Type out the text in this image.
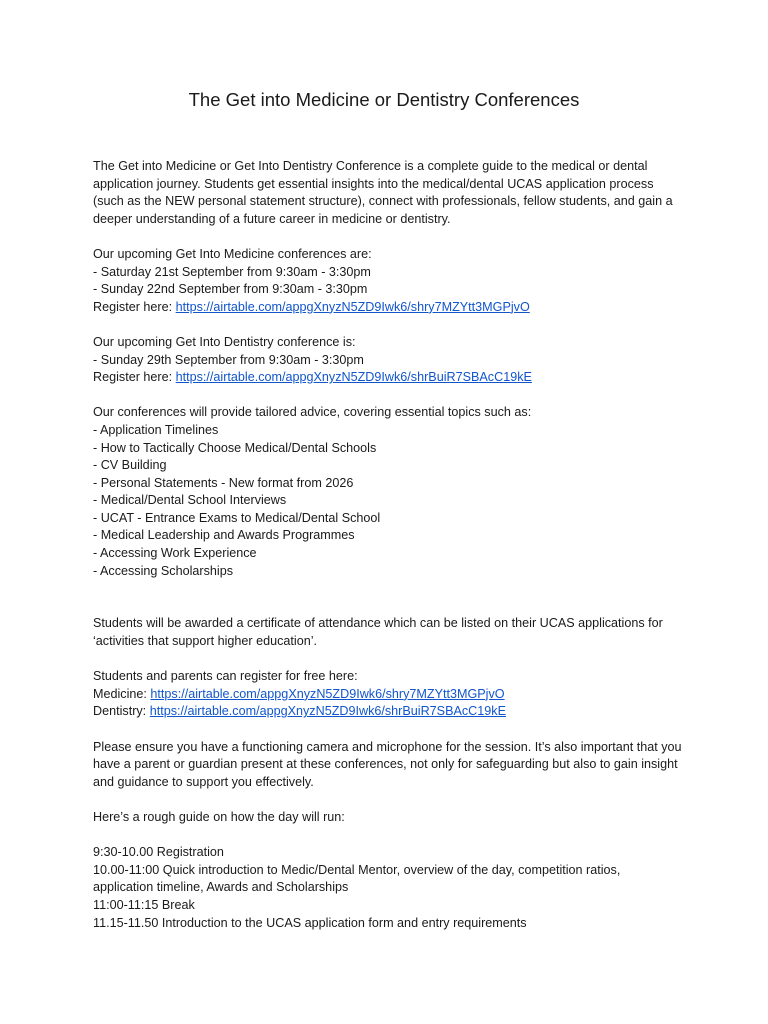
The Get into Medicine or Dentistry Conferences

The Get into Medicine or Get Into Dentistry Conference is a complete guide to the medical or dental application journey. Students get essential insights into the medical/dental UCAS application process (such as the NEW personal statement structure), connect with professionals, fellow students, and gain a deeper understanding of a future career in medicine or dentistry.

Our upcoming Get Into Medicine conferences are:
- Saturday 21st September from 9:30am - 3:30pm
- Sunday 22nd September from 9:30am - 3:30pm
Register here: https://airtable.com/appgXnyzN5ZD9Iwk6/shry7MZYtt3MGPjvO
Our upcoming Get Into Dentistry conference is:
- Sunday 29th September from 9:30am - 3:30pm
Register here: https://airtable.com/appgXnyzN5ZD9Iwk6/shrBuiR7SBAcC19kE
Our conferences will provide tailored advice, covering essential topics such as:
- Application Timelines
- How to Tactically Choose Medical/Dental Schools
- CV Building
- Personal Statements - New format from 2026
- Medical/Dental School Interviews
- UCAT - Entrance Exams to Medical/Dental School
- Medical Leadership and Awards Programmes
- Accessing Work Experience
- Accessing Scholarships

Students will be awarded a certificate of attendance which can be listed on their UCAS applications for ‘activities that support higher education’.

Students and parents can register for free here:
Medicine: https://airtable.com/appgXnyzN5ZD9Iwk6/shry7MZYtt3MGPjvO
Dentistry: https://airtable.com/appgXnyzN5ZD9Iwk6/shrBuiR7SBAcC19kE

Please ensure you have a functioning camera and microphone for the session. It’s also important that you have a parent or guardian present at these conferences, not only for safeguarding but also to gain insight and guidance to support you effectively.

Here’s a rough guide on how the day will run:

9:30-10.00 Registration
10.00-11:00 Quick introduction to Medic/Dental Mentor, overview of the day, competition ratios, application timeline, Awards and Scholarships
11:00-11:15 Break
11.15-11.50 Introduction to the UCAS application form and entry requirements
